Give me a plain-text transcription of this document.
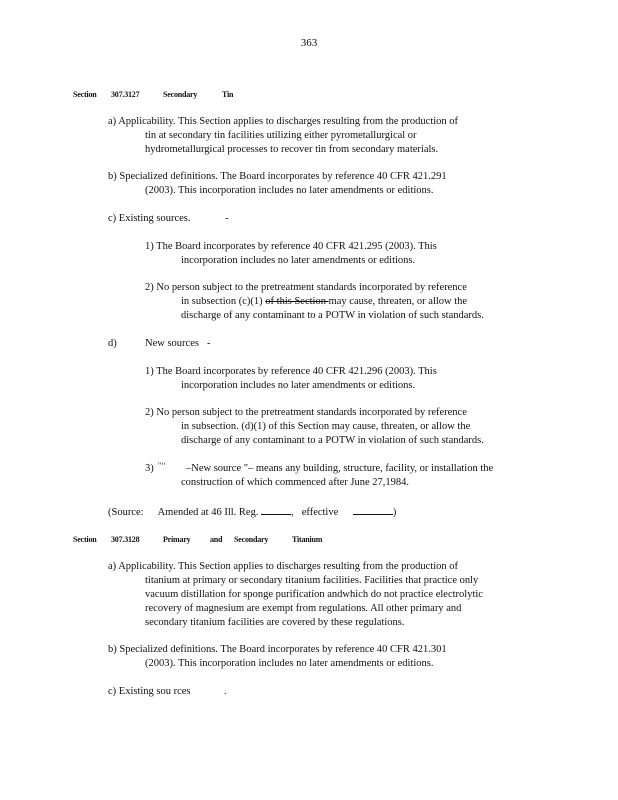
363
Section 307.3127	Secondary	Tin
a) Applicability. This Section applies to discharges resulting from the production of
tin at secondary tin facilities utilizing either pyrometallurgical or
hydrometallurgical processes to recover tin from secondary materials.
b) Specialized definitions. The Board incorporates by reference 40 CFR 421.291
(2003). This incorporation includes no later amendments or editions.
c) Existing sources.	-
1) The Board incorporates by reference 40 CFR 421.295 (2003). This
incorporation includes no later amendments or editions.
2) No person subject to the pretreatment standards incorporated by reference
in subsection (c)(1) of this Section may cause, threaten, or allow the
discharge of any contaminant to a POTW in violation of such standards.
d)	New sources -
1) The Board incorporates by reference 40 CFR 421.296 (2003). This
incorporation includes no later amendments or editions.
2) No person subject to the pretreatment standards incorporated by reference
in subsection. (d)(1) of this Section may cause, threaten, or allow the
discharge of any contaminant to a POTW in violation of such standards.
3) "‘‘ –New source "– means any building, structure, facility, or installation the
construction of which commenced after June 27,1984.
(Source: Amended at 46 Ill. Reg.	, effective	)
Section 307.3128	Primary and Secondary	Titanium
a) Applicability. This Section applies to discharges resulting from the production of
titanium at primary or secondary titanium facilities. Facilities that practice only
vacuum distillation for sponge purification andwhich do not practice electrolytic
recovery of magnesium are exempt from regulations. All other primary and
secondary titanium facilities are covered by these regulations.
b) Specialized definitions. The Board incorporates by reference 40 CFR 421.301
(2003). This incorporation includes no later amendments or editions.
c) Existing sou rces	.
